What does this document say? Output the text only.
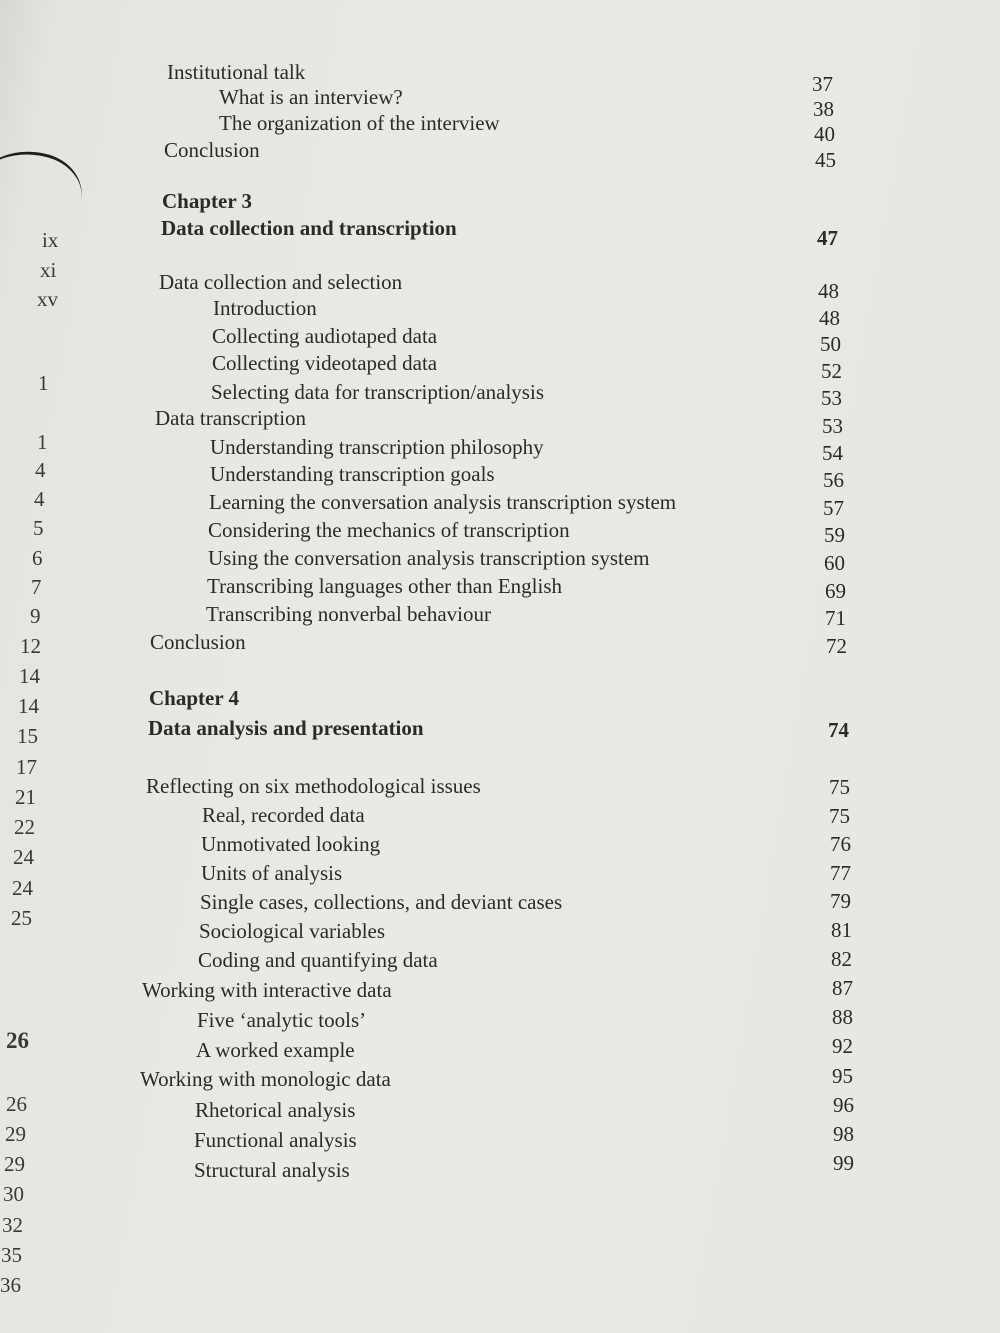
ix
xi
xv
1
1
4
4
5
6
7
9
12
14
14
15
17
21
22
24
24
25
26
26
29
29
30
32
35
36
Institutional talk	37
What is an interview?	38
The organization of the interview	40
Conclusion	45
Chapter 3
Data collection and transcription	47
Data collection and selection	48
Introduction	48
Collecting audiotaped data	50
Collecting videotaped data	52
Selecting data for transcription/analysis	53
Data transcription	53
Understanding transcription philosophy	54
Understanding transcription goals	56
Learning the conversation analysis transcription system	57
Considering the mechanics of transcription	59
Using the conversation analysis transcription system	60
Transcribing languages other than English	69
Transcribing nonverbal behaviour	71
Conclusion	72
Chapter 4
Data analysis and presentation	74
Reflecting on six methodological issues	75
Real, recorded data	75
Unmotivated looking	76
Units of analysis	77
Single cases, collections, and deviant cases	79
Sociological variables	81
Coding and quantifying data	82
Working with interactive data	87
Five ‘analytic tools’	88
A worked example	92
Working with monologic data	95
Rhetorical analysis	96
Functional analysis	98
Structural analysis	99
